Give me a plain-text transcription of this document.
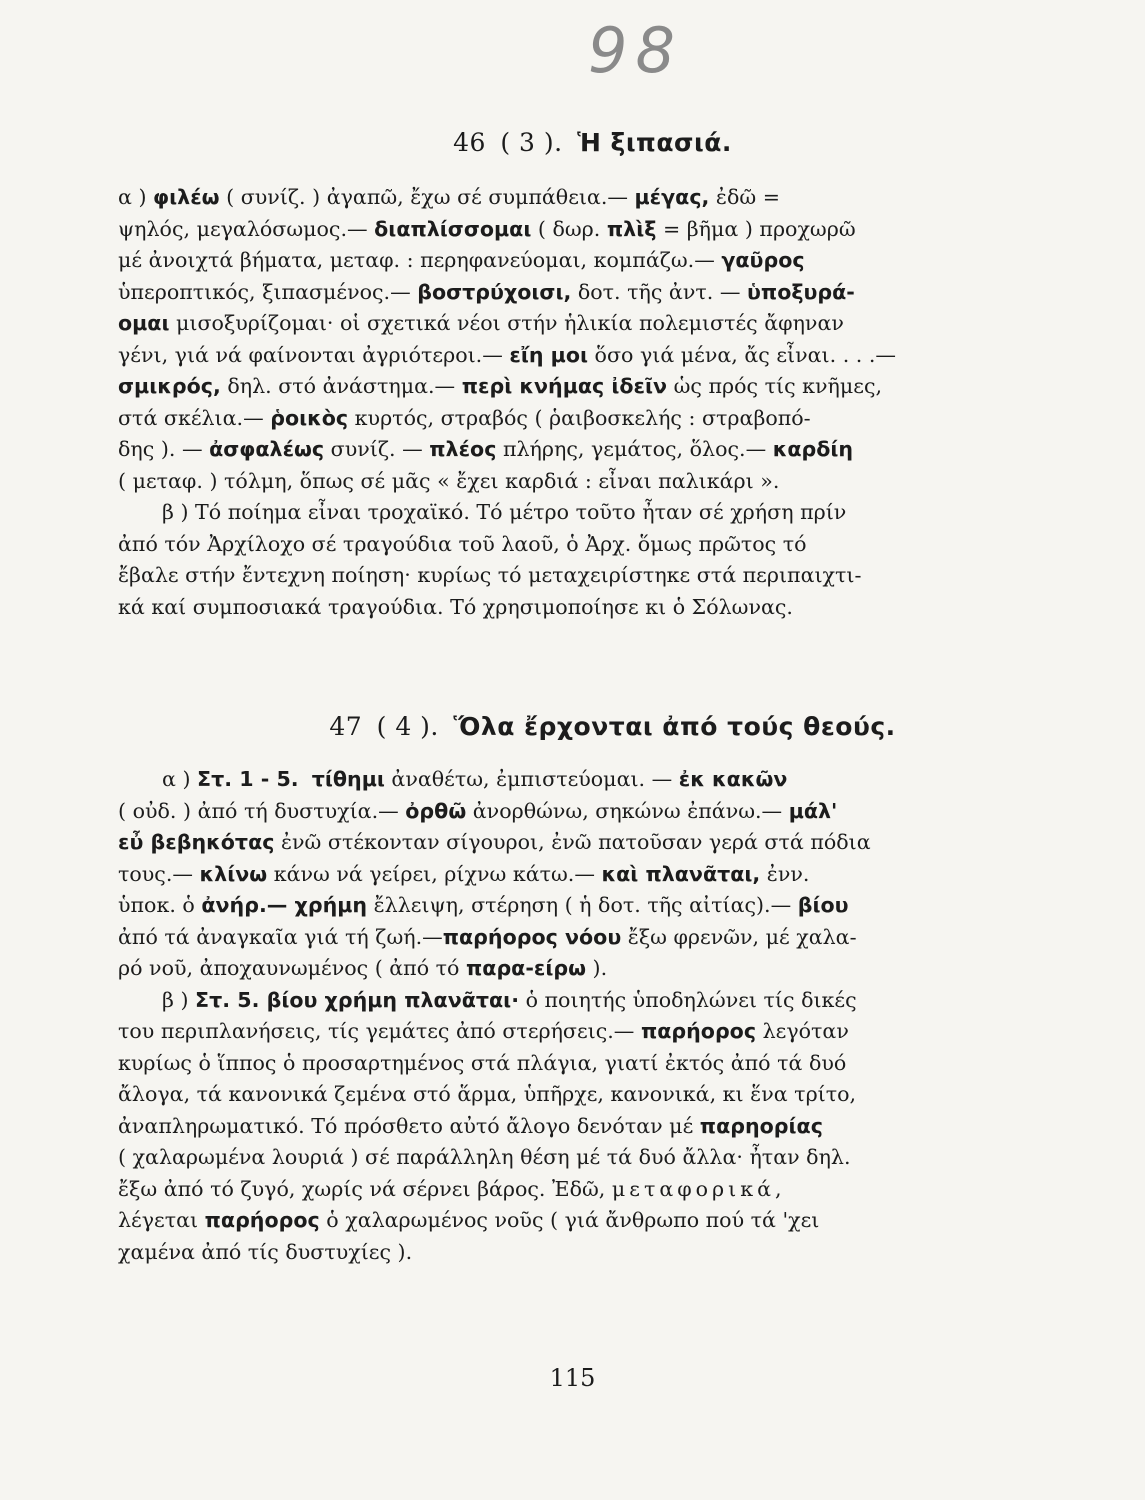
98
46 ( 3 ). Ἡ ξιπασιά.
α ) φιλέω ( συνίζ. ) ἀγαπῶ, ἔχω σέ συμπάθεια.— μέγας, ἐδῶ =
ψηλός, μεγαλόσωμος.— διαπλίσσομαι ( δωρ. πλὶξ = βῆμα ) προχωρῶ
μέ ἀνοιχτά βήματα, μεταφ. : περηφανεύομαι, κομπάζω.— γαῦρος
ὑπεροπτικός, ξιπασμένος.— βοστρύχοισι, δοτ. τῆς ἀντ. — ὑποξυρά-
ομαι μισοξυρίζομαι· οἱ σχετικά νέοι στήν ἡλικία πολεμιστές ἄφηναν
γένι, γιά νά φαίνονται ἀγριότεροι.— εἴη μοι ὅσο γιά μένα, ἄς εἶναι. . . .—
σμικρός, δηλ. στό ἀνάστημα.— περὶ κνήμας ἰδεῖν ὡς πρός τίς κνῆμες,
στά σκέλια.— ῥοικὸς κυρτός, στραβός ( ῥαιβοσκελής : στραβοπό-
δης ). — ἀσφαλέως συνίζ. — πλέος πλήρης, γεμάτος, ὅλος.— καρδίη
( μεταφ. ) τόλμη, ὅπως σέ μᾶς « ἔχει καρδιά : εἶναι παλικάρι ».
β ) Τό ποίημα εἶναι τροχαϊκό. Τό μέτρο τοῦτο ἦταν σέ χρήση πρίν
ἀπό τόν Ἀρχίλοχο σέ τραγούδια τοῦ λαοῦ, ὁ Ἀρχ. ὅμως πρῶτος τό
ἔβαλε στήν ἔντεχνη ποίηση· κυρίως τό μεταχειρίστηκε στά περιπαιχτι-
κά καί συμποσιακά τραγούδια. Τό χρησιμοποίησε κι ὁ Σόλωνας.
47 ( 4 ). Ὅλα ἔρχονται ἀπό τούς θεούς.
α ) Στ. 1 - 5. τίθημι ἀναθέτω, ἐμπιστεύομαι. — ἐκ κακῶν
( οὐδ. ) ἀπό τή δυστυχία.— ὀρθῶ ἀνορθώνω, σηκώνω ἐπάνω.— μάλ'
εὖ βεβηκότας ἐνῶ στέκονταν σίγουροι, ἐνῶ πατοῦσαν γερά στά πόδια
τους.— κλίνω κάνω νά γείρει, ρίχνω κάτω.— καὶ πλανᾶται, ἐνν.
ὑποκ. ὁ ἀνήρ.— χρήμη ἔλλειψη, στέρηση ( ἡ δοτ. τῆς αἰτίας).— βίου
ἀπό τά ἀναγκαῖα γιά τή ζωή.—παρήορος νόου ἔξω φρενῶν, μέ χαλα-
ρό νοῦ, ἀποχαυνωμένος ( ἀπό τό παρα-είρω ).
β ) Στ. 5. βίου χρήμη πλανᾶται· ὁ ποιητής ὑποδηλώνει τίς δικές
του περιπλανήσεις, τίς γεμάτες ἀπό στερήσεις.— παρήορος λεγόταν
κυρίως ὁ ἵππος ὁ προσαρτημένος στά πλάγια, γιατί ἐκτός ἀπό τά δυό
ἄλογα, τά κανονικά ζεμένα στό ἅρμα, ὑπῆρχε, κανονικά, κι ἕνα τρίτο,
ἀναπληρωματικό. Τό πρόσθετο αὐτό ἄλογο δενόταν μέ παρηορίας
( χαλαρωμένα λουριά ) σέ παράλληλη θέση μέ τά δυό ἄλλα· ἦταν δηλ.
ἔξω ἀπό τό ζυγό, χωρίς νά σέρνει βάρος. Ἐδῶ, μεταφορικά,
λέγεται παρήορος ὁ χαλαρωμένος νοῦς ( γιά ἄνθρωπο πού τά 'χει
χαμένα ἀπό τίς δυστυχίες ).
115
